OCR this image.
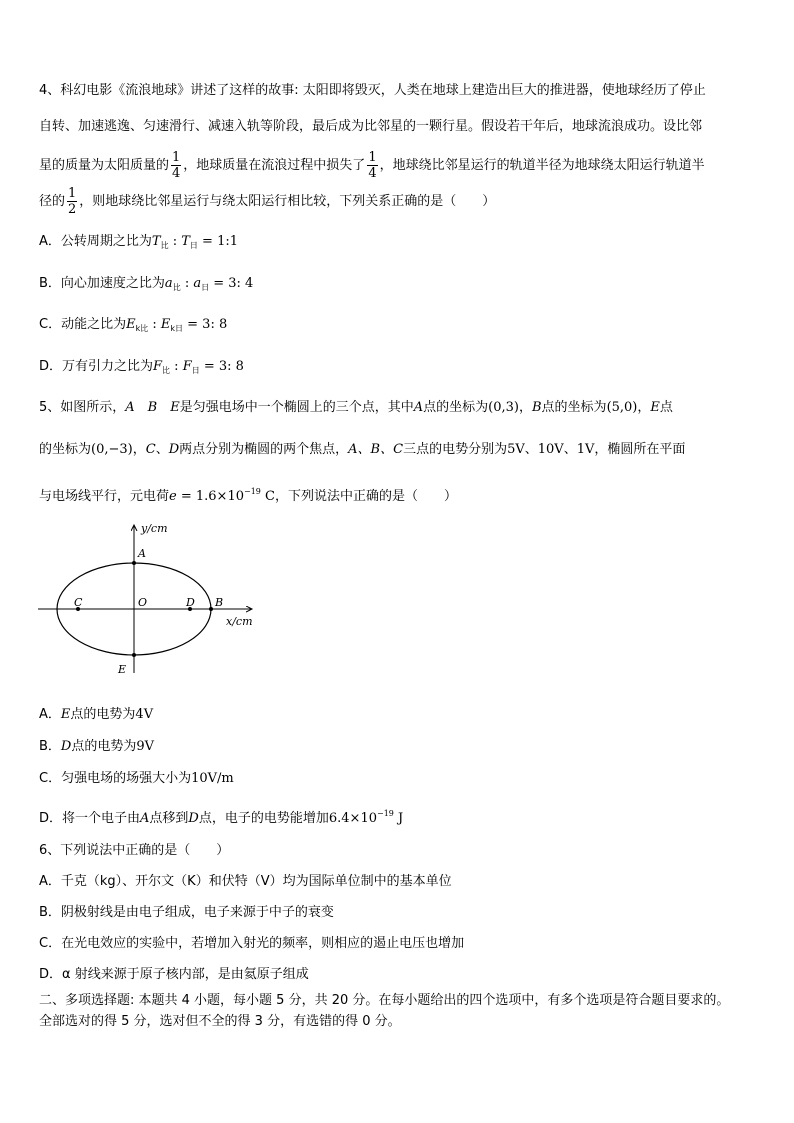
4、科幻电影《流浪地球》讲述了这样的故事: 太阳即将毁灭，人类在地球上建造出巨大的推进器，使地球经历了停止
自转、加速逃逸、匀速滑行、减速入轨等阶段，最后成为比邻星的一颗行星。假设若干年后，地球流浪成功。设比邻
星的质量为太阳质量的 $\frac{1}{4}$ ，地球质量在流浪过程中损失了 $\frac{1}{4}$ ，地球绕比邻星运行的轨道半径为地球绕太阳运行轨道半
径的 $\frac{1}{2}$ ，则地球绕比邻星运行与绕太阳运行相比较，下列关系正确的是（　　）
A．公转周期之比为$T_比$ : $T_日$ = 1:1
B．向心加速度之比为$a_比$ : $a_日 = 3$: 4
C．动能之比为$E_{k比}$ : $E_{k日} = 3$: 8
D．万有引力之比为$F_比$ : $F_日 = 3$: 8
5、如图所示，A　B　E是匀强电场中一个椭圆上的三个点，其中A点的坐标为(0,3)，B点的坐标为(5,0)，E点
的坐标为(0,−3)，C、D两点分别为椭圆的两个焦点，A、B、C三点的电势分别为5V、10V、1V，椭圆所在平面
与电场线平行，元电荷$e = 1.6\times 10^{-19}$ C，下列说法中正确的是（　　）
y/cm
x/cm
A
B
C	D
O
E
A．E点的电势为4V
B．D点的电势为9V
C．匀强电场的场强大小为10V/m
D．将一个电子由A点移到D点，电子的电势能增加$6.4\times 10^{-19}$ J
6、下列说法中正确的是（　　）
A．千克（kg）、开尔文（K）和伏特（V）均为国际单位制中的基本单位
B．阴极射线是由电子组成，电子来源于中子的衰变
C．在光电效应的实验中，若增加入射光的频率，则相应的遏止电压也增加
D．α 射线来源于原子核内部，是由氦原子组成
二、多项选择题: 本题共 4 小题，每小题 5 分，共 20 分。在每小题给出的四个选项中，有多个选项是符合题目要求的。
全部选对的得 5 分，选对但不全的得 3 分，有选错的得 0 分。
